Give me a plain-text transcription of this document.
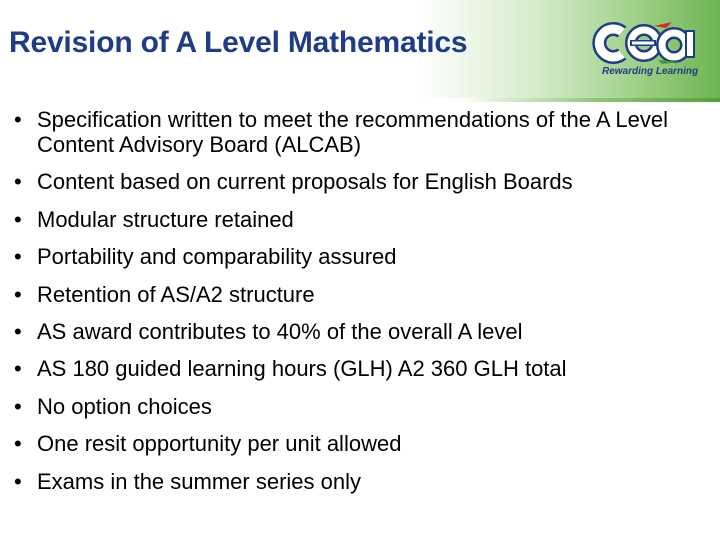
Revision of A Level Mathematics
Rewarding Learning
• Specification written to meet the recommendations of the A Level Content Advisory Board (ALCAB)
• Content based on current proposals for English Boards
• Modular structure retained
• Portability and comparability assured
• Retention of AS/A2 structure
• AS award contributes to 40% of the overall A level
• AS 180 guided learning hours (GLH) A2 360 GLH total
• No option choices
• One resit opportunity per unit allowed
• Exams in the summer series only
